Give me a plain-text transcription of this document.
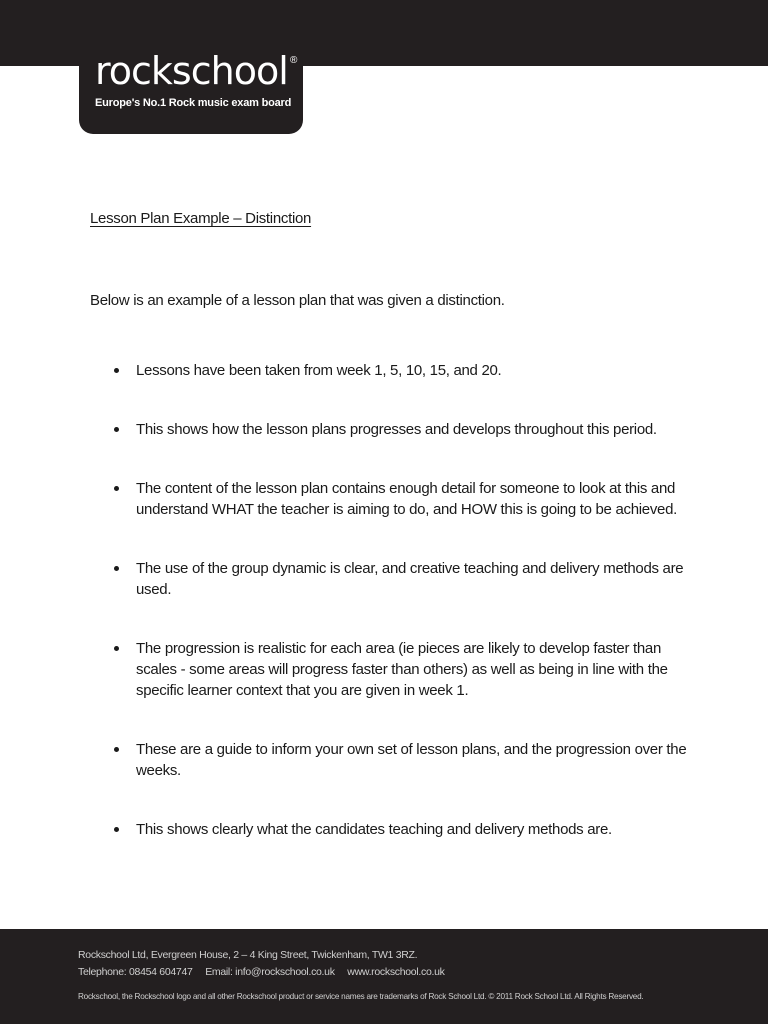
rockschool ®
Europe's No.1 Rock music exam board
Lesson Plan Example – Distinction

Below is an example of a lesson plan that was given a distinction.

Lessons have been taken from week 1, 5, 10, 15, and 20.
This shows how the lesson plans progresses and develops throughout this period.
The content of the lesson plan contains enough detail for someone to look at this and understand WHAT the teacher is aiming to do, and HOW this is going to be achieved.
The use of the group dynamic is clear, and creative teaching and delivery methods are used.
The progression is realistic for each area (ie pieces are likely to develop faster than scales - some areas will progress faster than others) as well as being in line with the specific learner context that you are given in week 1.
These are a guide to inform your own set of lesson plans, and the progression over the weeks.
This shows clearly what the candidates teaching and delivery methods are.
Rockschool Ltd, Evergreen House, 2 – 4 King Street, Twickenham, TW1 3RZ.
Telephone: 08454 604747 Email: info@rockschool.co.uk www.rockschool.co.uk
Rockschool, the Rockschool logo and all other Rockschool product or service names are trademarks of Rock School Ltd. © 2011 Rock School Ltd. All Rights Reserved.
